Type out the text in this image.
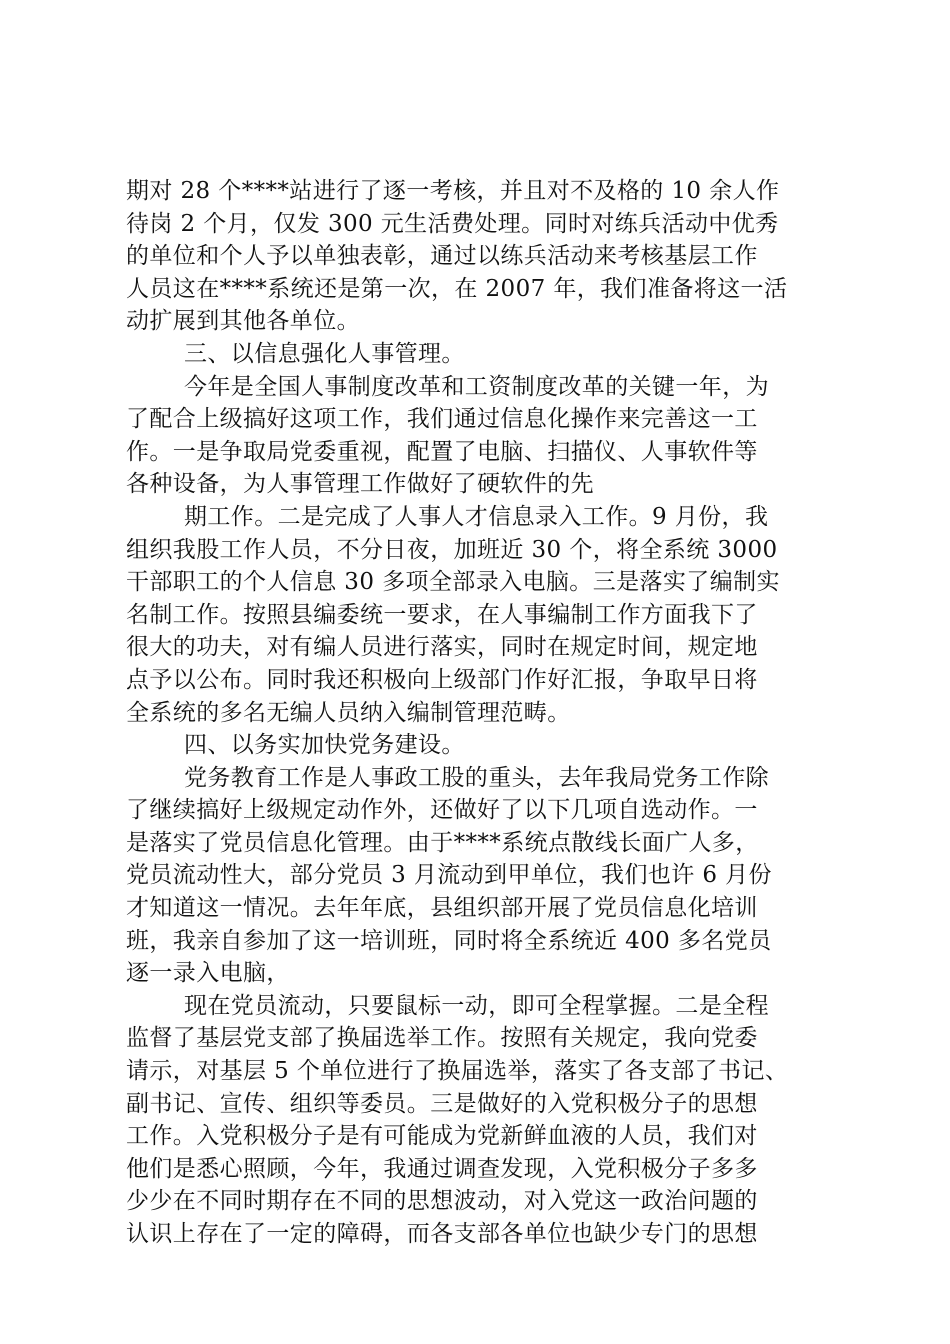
期对 28 个****站进行了逐一考核，并且对不及格的 10 余人作
待岗 2 个月，仅发 300 元生活费处理。同时对练兵活动中优秀
的单位和个人予以单独表彰，通过以练兵活动来考核基层工作
人员这在****系统还是第一次，在 2007 年，我们准备将这一活
动扩展到其他各单位。
三、以信息强化人事管理。
今年是全国人事制度改革和工资制度改革的关键一年，为
了配合上级搞好这项工作，我们通过信息化操作来完善这一工
作。一是争取局党委重视，配置了电脑、扫描仪、人事软件等
各种设备，为人事管理工作做好了硬软件的先
期工作。二是完成了人事人才信息录入工作。9 月份，我
组织我股工作人员，不分日夜，加班近 30 个，将全系统 3000
干部职工的个人信息 30 多项全部录入电脑。三是落实了编制实
名制工作。按照县编委统一要求，在人事编制工作方面我下了
很大的功夫，对有编人员进行落实，同时在规定时间，规定地
点予以公布。同时我还积极向上级部门作好汇报，争取早日将
全系统的多名无编人员纳入编制管理范畴。
四、以务实加快党务建设。
党务教育工作是人事政工股的重头，去年我局党务工作除
了继续搞好上级规定动作外，还做好了以下几项自选动作。一
是落实了党员信息化管理。由于****系统点散线长面广人多，
党员流动性大，部分党员 3 月流动到甲单位，我们也许 6 月份
才知道这一情况。去年年底，县组织部开展了党员信息化培训
班，我亲自参加了这一培训班，同时将全系统近 400 多名党员
逐一录入电脑，
现在党员流动，只要鼠标一动，即可全程掌握。二是全程
监督了基层党支部了换届选举工作。按照有关规定，我向党委
请示，对基层 5 个单位进行了换届选举，落实了各支部了书记、
副书记、宣传、组织等委员。三是做好的入党积极分子的思想
工作。入党积极分子是有可能成为党新鲜血液的人员，我们对
他们是悉心照顾，今年，我通过调查发现，入党积极分子多多
少少在不同时期存在不同的思想波动，对入党这一政治问题的
认识上存在了一定的障碍，而各支部各单位也缺少专门的思想
